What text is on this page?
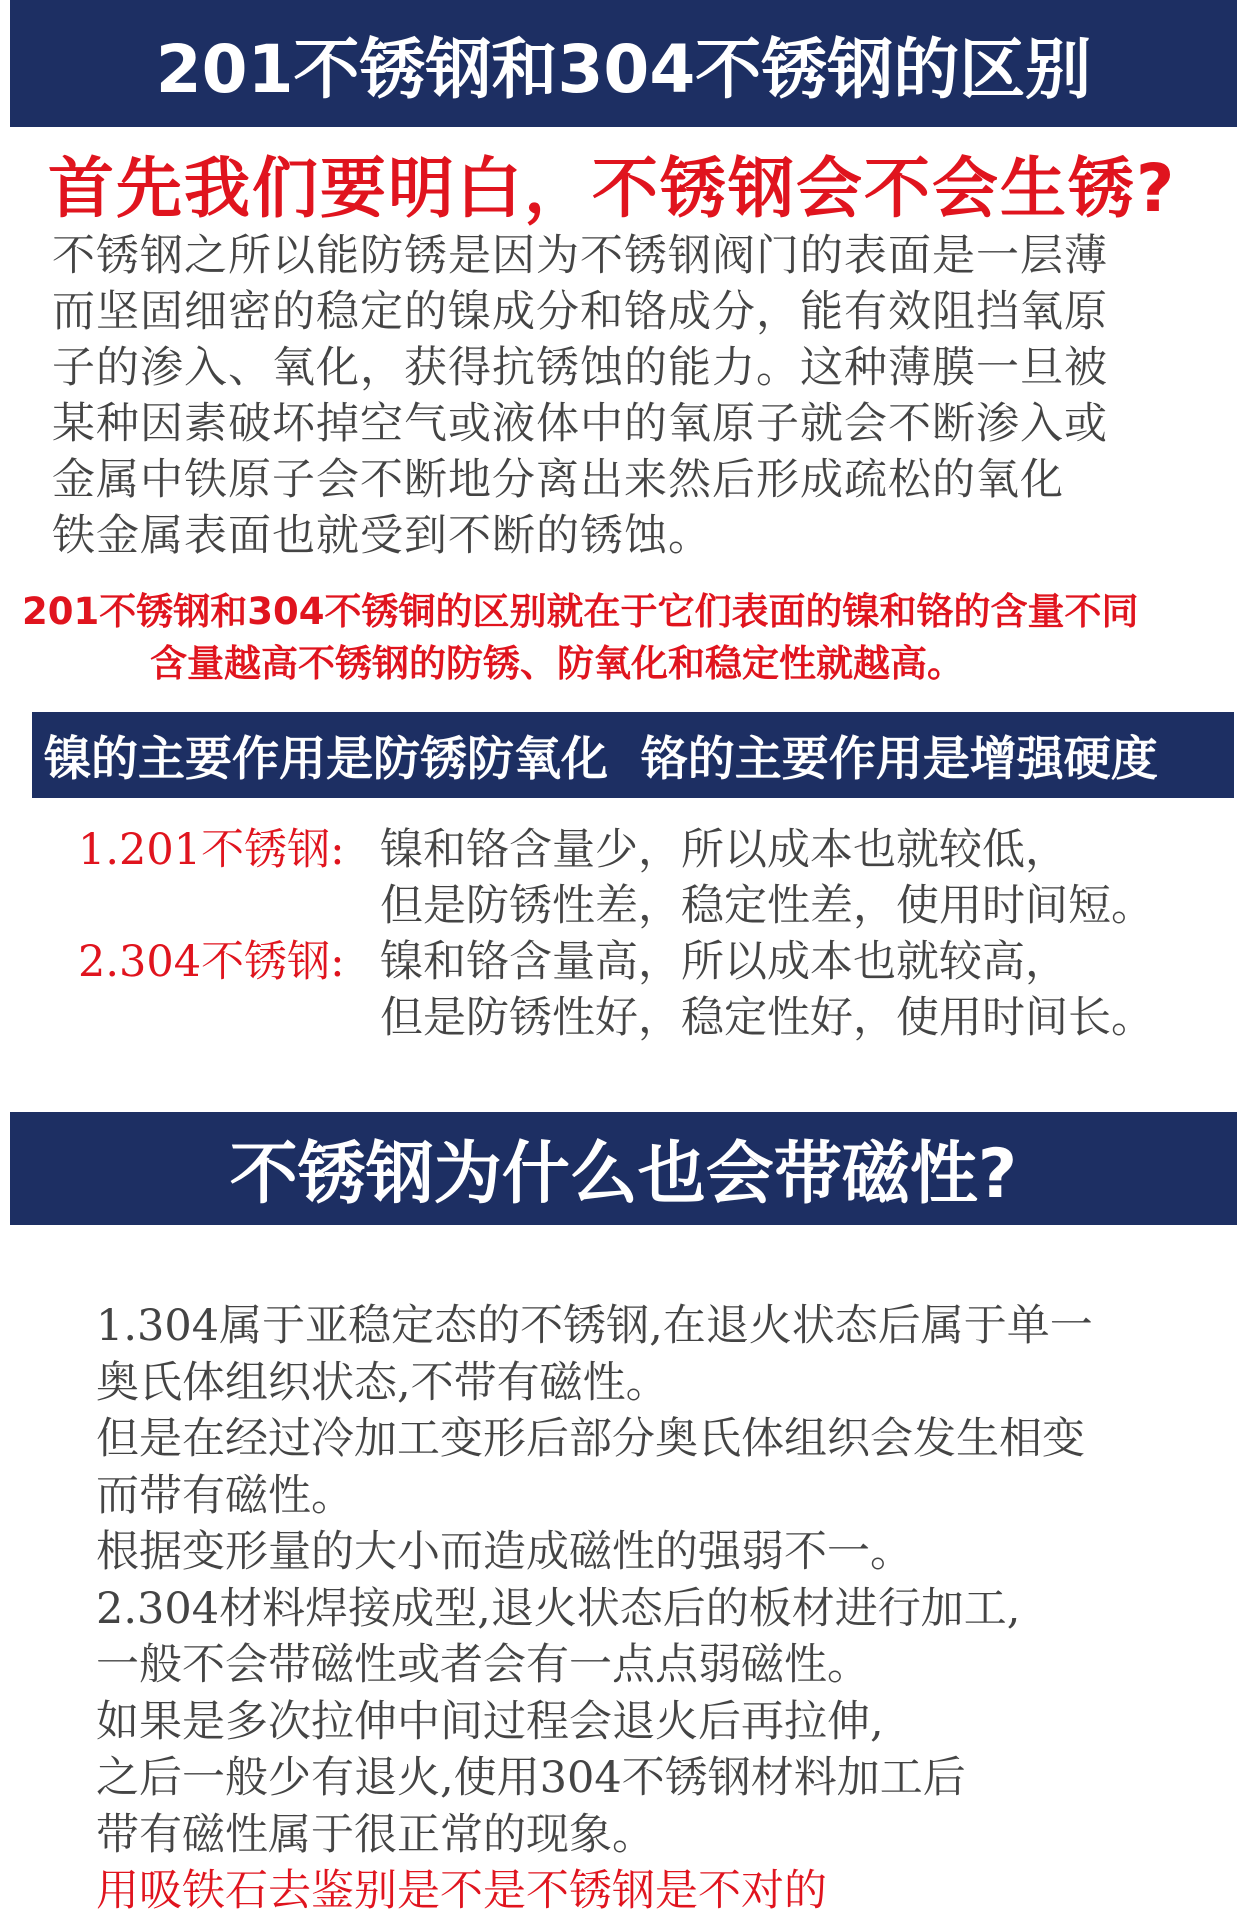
201不锈钢和304不锈钢的区别
首先我们要明白，不锈钢会不会生锈?
不锈钢之所以能防锈是因为不锈钢阀门的表面是一层薄
而坚固细密的稳定的镍成分和铬成分，能有效阻挡氧原
子的渗入、氧化，获得抗锈蚀的能力。这种薄膜一旦被
某种因素破坏掉空气或液体中的氧原子就会不断渗入或
金属中铁原子会不断地分离出来然后形成疏松的氧化
铁金属表面也就受到不断的锈蚀。
201不锈钢和304不锈铜的区别就在于它们表面的镍和铬的含量不同
含量越高不锈钢的防锈、防氧化和稳定性就越高。
镍的主要作用是防锈防氧化  铬的主要作用是增强硬度
1.201不锈钢: 镍和铬含量少，所以成本也就较低，
但是防锈性差，稳定性差，使用时间短。
2.304不锈钢: 镍和铬含量高，所以成本也就较高，
但是防锈性好，稳定性好，使用时间长。
不锈钢为什么也会带磁性?
1.304属于亚稳定态的不锈钢,在退火状态后属于单一
奥氏体组织状态,不带有磁性。
但是在经过冷加工变形后部分奥氏体组织会发生相变
而带有磁性。
根据变形量的大小而造成磁性的强弱不一。
2.304材料焊接成型,退火状态后的板材进行加工,
一般不会带磁性或者会有一点点弱磁性。
如果是多次拉伸中间过程会退火后再拉伸,
之后一般少有退火,使用304不锈钢材料加工后
带有磁性属于很正常的现象。
用吸铁石去鉴别是不是不锈钢是不对的
